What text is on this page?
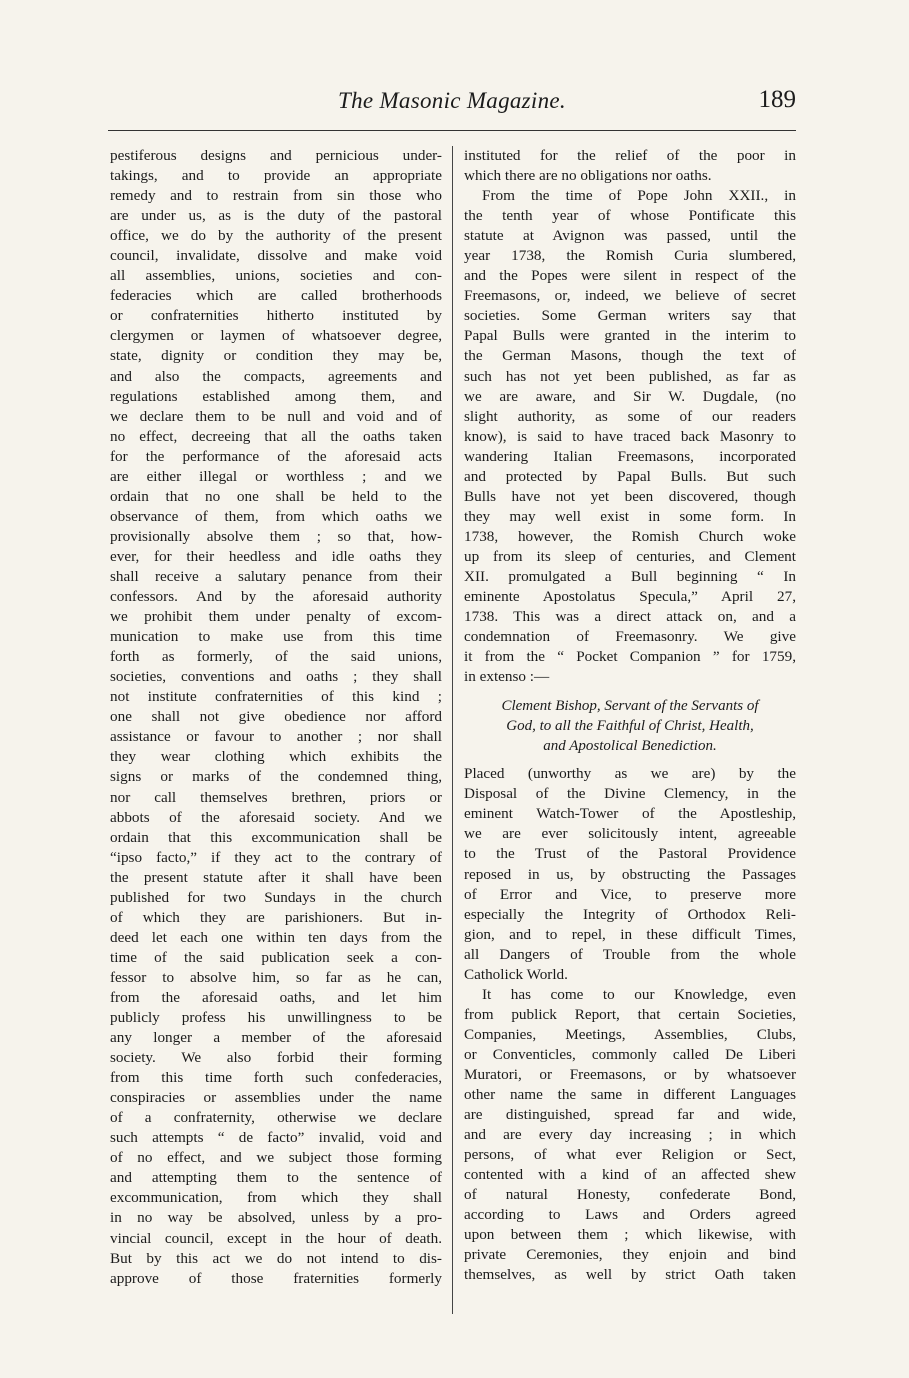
The Masonic Magazine.	189
pestiferous designs and pernicious under-
takings, and to provide an appropriate
remedy and to restrain from sin those who
are under us, as is the duty of the pastoral
office, we do by the authority of the present
council, invalidate, dissolve and make void
all assemblies, unions, societies and con-
federacies which are called brotherhoods
or confraternities hitherto instituted by
clergymen or laymen of whatsoever degree,
state, dignity or condition they may be,
and also the compacts, agreements and
regulations established among them, and
we declare them to be null and void and of
no effect, decreeing that all the oaths taken
for the performance of the aforesaid acts
are either illegal or worthless ; and we
ordain that no one shall be held to the
observance of them, from which oaths we
provisionally absolve them ; so that, how-
ever, for their heedless and idle oaths they
shall receive a salutary penance from their
confessors. And by the aforesaid authority
we prohibit them under penalty of excom-
munication to make use from this time
forth as formerly, of the said unions,
societies, conventions and oaths ; they shall
not institute confraternities of this kind ;
one shall not give obedience nor afford
assistance or favour to another ; nor shall
they wear clothing which exhibits the
signs or marks of the condemned thing,
nor call themselves brethren, priors or
abbots of the aforesaid society. And we
ordain that this excommunication shall be
“ipso facto,” if they act to the contrary of
the present statute after it shall have been
published for two Sundays in the church
of which they are parishioners. But in-
deed let each one within ten days from the
time of the said publication seek a con-
fessor to absolve him, so far as he can,
from the aforesaid oaths, and let him
publicly profess his unwillingness to be
any longer a member of the aforesaid
society. We also forbid their forming
from this time forth such confederacies,
conspiracies or assemblies under the name
of a confraternity, otherwise we declare
such attempts “ de facto” invalid, void and
of no effect, and we subject those forming
and attempting them to the sentence of
excommunication, from which they shall
in no way be absolved, unless by a pro-
vincial council, except in the hour of death.
But by this act we do not intend to dis-
approve of those fraternities formerly
instituted for the relief of the poor in
which there are no obligations nor oaths.
From the time of Pope John XXII., in
the tenth year of whose Pontificate this
statute at Avignon was passed, until the
year 1738, the Romish Curia slumbered,
and the Popes were silent in respect of the
Freemasons, or, indeed, we believe of secret
societies. Some German writers say that
Papal Bulls were granted in the interim to
the German Masons, though the text of
such has not yet been published, as far as
we are aware, and Sir W. Dugdale, (no
slight authority, as some of our readers
know), is said to have traced back Masonry to
wandering Italian Freemasons, incorporated
and protected by Papal Bulls. But such
Bulls have not yet been discovered, though
they may well exist in some form. In
1738, however, the Romish Church woke
up from its sleep of centuries, and Clement
XII. promulgated a Bull beginning “ In
eminente Apostolatus Specula,” April 27,
1738. This was a direct attack on, and a
condemnation of Freemasonry. We give
it from the “ Pocket Companion ” for 1759,
in extenso :—
Clement Bishop, Servant of the Servants of
God, to all the Faithful of Christ, Health,
and Apostolical Benediction.
Placed (unworthy as we are) by the
Disposal of the Divine Clemency, in the
eminent Watch-Tower of the Apostleship,
we are ever solicitously intent, agreeable
to the Trust of the Pastoral Providence
reposed in us, by obstructing the Passages
of Error and Vice, to preserve more
especially the Integrity of Orthodox Reli-
gion, and to repel, in these difficult Times,
all Dangers of Trouble from the whole
Catholick World.
It has come to our Knowledge, even
from publick Report, that certain Societies,
Companies, Meetings, Assemblies, Clubs,
or Conventicles, commonly called De Liberi
Muratori, or Freemasons, or by whatsoever
other name the same in different Languages
are distinguished, spread far and wide,
and are every day increasing ; in which
persons, of what ever Religion or Sect,
contented with a kind of an affected shew
of natural Honesty, confederate Bond,
according to Laws and Orders agreed
upon between them ; which likewise, with
private Ceremonies, they enjoin and bind
themselves, as well by strict Oath taken
